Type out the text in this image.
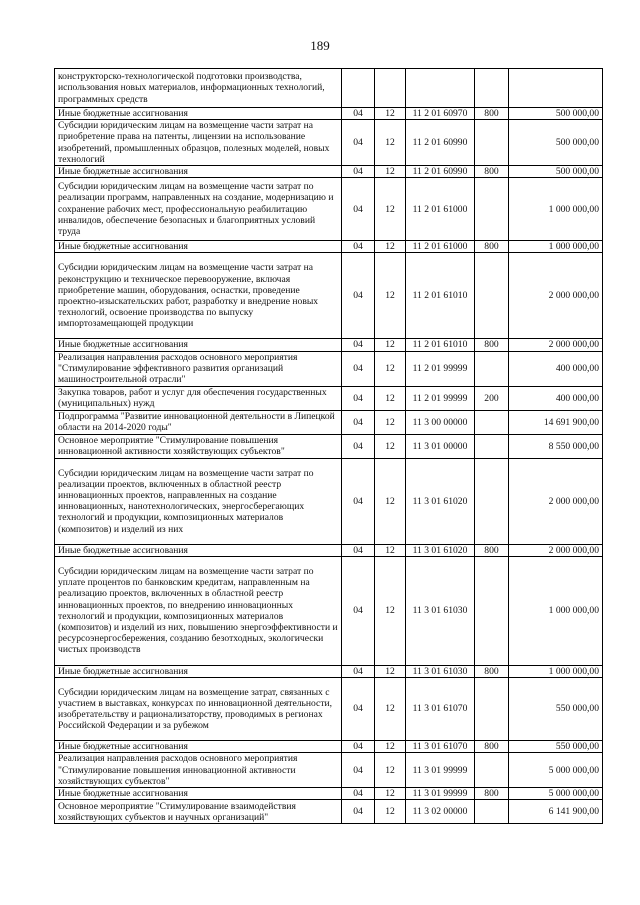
189
конструкторско-технологической подготовки производства, использования новых материалов, информационных технологий, программных средств					
Иные бюджетные ассигнования	04	12	11 2 01 60970	800	500 000,00
Субсидии юридическим лицам на возмещение части затрат на приобретение права на патенты, лицензии на использование изобретений, промышленных образцов, полезных моделей, новых технологий	04	12	11 2 01 60990		500 000,00
Иные бюджетные ассигнования	04	12	11 2 01 60990	800	500 000,00
Субсидии юридическим лицам на возмещение части затрат по реализации программ, направленных на создание, модернизацию и сохранение рабочих мест, профессиональную реабилитацию инвалидов, обеспечение безопасных и благоприятных условий труда	04	12	11 2 01 61000		1 000 000,00
Иные бюджетные ассигнования	04	12	11 2 01 61000	800	1 000 000,00
Субсидии юридическим лицам на возмещение части затрат на реконструкцию и техническое перевооружение, включая приобретение машин, оборудования, оснастки, проведение проектно-изыскательских работ, разработку и внедрение новых технологий, освоение производства по выпуску импортозамещающей продукции	04	12	11 2 01 61010		2 000 000,00
Иные бюджетные ассигнования	04	12	11 2 01 61010	800	2 000 000,00
Реализация направления расходов основного мероприятия "Стимулирование эффективного развития организаций машиностроительной отрасли"	04	12	11 2 01 99999		400 000,00
Закупка товаров, работ и услуг для обеспечения государственных (муниципальных) нужд	04	12	11 2 01 99999	200	400 000,00
Подпрограмма "Развитие инновационной деятельности в Липецкой области на 2014-2020 годы"	04	12	11 3 00 00000		14 691 900,00
Основное мероприятие "Стимулирование повышения инновационной активности хозяйствующих субъектов"	04	12	11 3 01 00000		8 550 000,00
Субсидии юридическим лицам на возмещение части затрат по реализации проектов, включенных в областной реестр инновационных проектов, направленных на создание инновационных, нанотехнологических, энергосберегающих технологий и продукции, композиционных материалов (композитов) и изделий из них	04	12	11 3 01 61020		2 000 000,00
Иные бюджетные ассигнования	04	12	11 3 01 61020	800	2 000 000,00
Субсидии юридическим лицам на возмещение части затрат по уплате процентов по банковским кредитам, направленным на реализацию проектов, включенных в областной реестр инновационных проектов, по внедрению инновационных технологий и продукции, композиционных материалов (композитов) и изделий из них, повышению энергоэффективности и ресурсоэнергосбережения, созданию безотходных, экологически чистых производств	04	12	11 3 01 61030		1 000 000,00
Иные бюджетные ассигнования	04	12	11 3 01 61030	800	1 000 000,00
Субсидии юридическим лицам на возмещение затрат, связанных с участием в выставках, конкурсах по инновационной деятельности, изобретательству и рационализаторству, проводимых в регионах Российской Федерации и за рубежом	04	12	11 3 01 61070		550 000,00
Иные бюджетные ассигнования	04	12	11 3 01 61070	800	550 000,00
Реализация направления расходов основного мероприятия "Стимулирование повышения инновационной активности хозяйствующих субъектов"	04	12	11 3 01 99999		5 000 000,00
Иные бюджетные ассигнования	04	12	11 3 01 99999	800	5 000 000,00
Основное мероприятие "Стимулирование взаимодействия хозяйствующих субъектов и научных организаций"	04	12	11 3 02 00000		6 141 900,00
